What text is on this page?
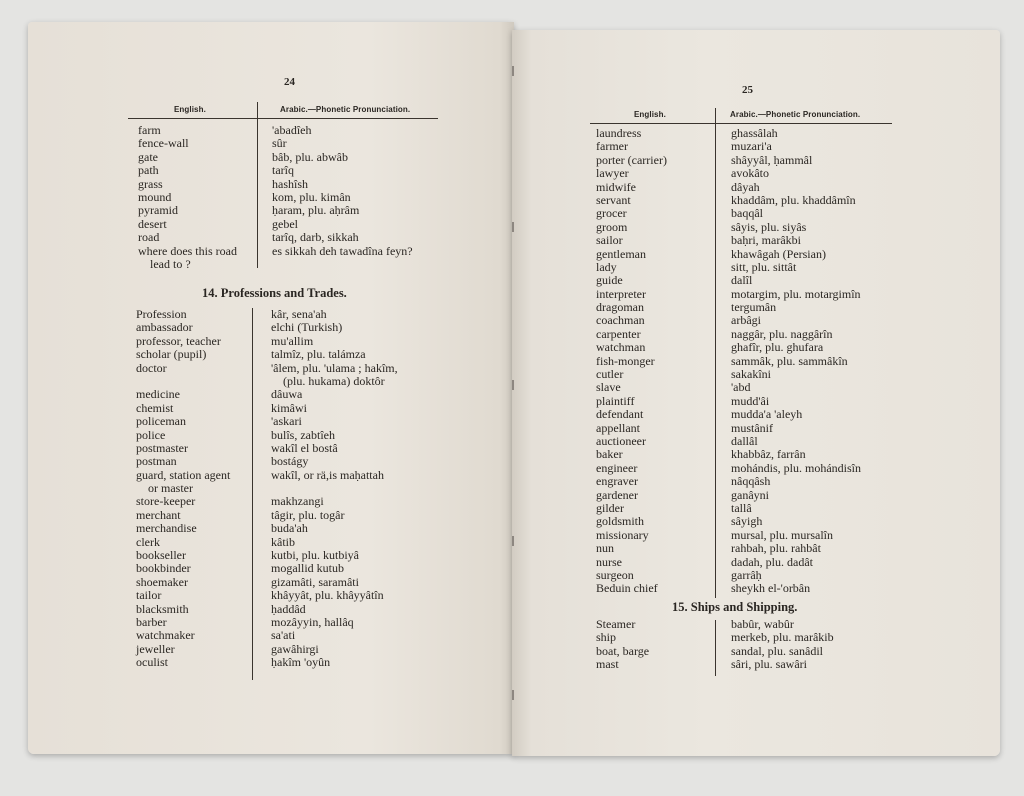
24
English.	Arabic.—Phonetic Pronunciation.
farm
fence-wall
gate
path
grass
mound
pyramid
desert
road
where does this road
lead to ?
'abadîeh
sûr
bâb, plu. abwâb
tarîq
hashîsh
kom, plu. kimân
ḥaram, plu. aḥrâm
gebel
tarîq, darb, sikkah
es sikkah deh tawadîna feyn?
14. Professions and Trades.
Profession
ambassador
professor, teacher
scholar (pupil)
doctor
medicine
chemist
policeman
police
postmaster
postman
guard, station agent
or master
store-keeper
merchant
merchandise
clerk
bookseller
bookbinder
shoemaker
tailor
blacksmith
barber
watchmaker
jeweller
oculist
kâr, sena'ah
elchi (Turkish)
mu'allim
talmîz, plu. talámza
'âlem, plu. 'ulama ; hakîm,
(plu. hukama) doktôr
dâuwa
kimâwi
'askari
bulîs, zabtîeh
wakîl el bostâ
bostágy
wakîl, or rä,is maḥattah
makhzangi
tâgir, plu. togâr
buda'ah
kâtib
kutbi, plu. kutbiyâ
mogallid kutub
gizamâti, saramâti
khâyyât, plu. khâyyâtîn
ḥaddâd
mozâyyin, hallâq
sa'ati
gawâhirgi
ḥakîm 'oyûn
25
English.	Arabic.—Phonetic Pronunciation.
laundress
farmer
porter (carrier)
lawyer
midwife
servant
grocer
groom
sailor
gentleman
lady
guide
interpreter
dragoman
coachman
carpenter
watchman
fish-monger
cutler
slave
plaintiff
defendant
appellant
auctioneer
baker
engineer
engraver
gardener
gilder
goldsmith
missionary
nun
nurse
surgeon
Beduin chief
ghassâlah
muzari'a
shâyyâl, ḥammâl
avokâto
dâyah
khaddâm, plu. khaddâmîn
baqqâl
sâyis, plu. siyâs
baḥri, marâkbi
khawâgah (Persian)
sitt, plu. sittât
dalîl
motargim, plu. motargimîn
tergumân
arbâgi
naggâr, plu. naggârîn
ghafîr, plu. ghufara
sammâk, plu. sammâkîn
sakakîni
'abd
mudd'âi
mudda'a 'aleyh
mustânif
dallâl
khabbâz, farrân
mohándis, plu. mohándisîn
nâqqâsh
ganâyni
tallâ
sâyigh
mursal, plu. mursalîn
rahbah, plu. rahbât
dadah, plu. dadât
garrâḥ
sheykh el-'orbân
15. Ships and Shipping.
Steamer
ship
boat, barge
mast
babûr, wabûr
merkeb, plu. marâkib
sandal, plu. sanâdil
sâri, plu. sawâri
